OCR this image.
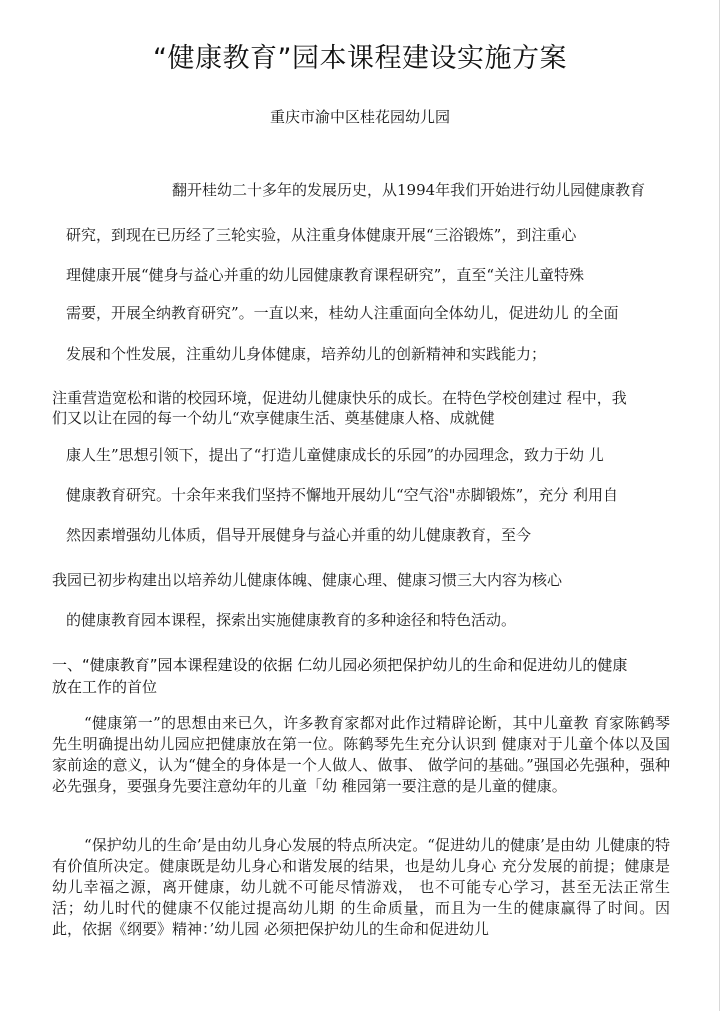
“健康教育”园本课程建设实施方案
重庆市渝中区桂花园幼儿园
翻开桂幼二十多年的发展历史，从1994年我们开始进行幼儿园健康教育
研究，到现在已历经了三轮实验，从注重身体健康开展“三浴锻炼”，到注重心
理健康开展“健身与益心并重的幼儿园健康教育课程研究”，直至“关注儿童特殊
需要，开展全纳教育研究”。一直以来，桂幼人注重面向全体幼儿，促进幼儿 的全面
发展和个性发展，注重幼儿身体健康，培养幼儿的创新精神和实践能力；
注重营造宽松和谐的校园环境，促进幼儿健康快乐的成长。在特色学校创建过 程中，我
们又以让在园的每一个幼儿“欢享健康生活、奠基健康人格、成就健
康人生”思想引领下，提出了“打造儿童健康成长的乐园”的办园理念，致力于幼 儿
健康教育研究。十余年来我们坚持不懈地开展幼儿“空气浴"赤脚锻炼”，充分 利用自
然因素增强幼儿体质，倡导开展健身与益心并重的幼儿健康教育，至今
我园已初步构建出以培养幼儿健康体魄、健康心理、健康习惯三大内容为核心
的健康教育园本课程，探索出实施健康教育的多种途径和特色活动。
一、“健康教育”园本课程建设的依据 仁幼儿园必须把保护幼儿的生命和促进幼儿的健康
放在工作的首位
“健康第一”的思想由来已久，许多教育家都对此作过精辟论断，其中儿童教 育家陈鹤琴先生明确提出幼儿园应把健康放在第一位。陈鹤琴先生充分认识到 健康对于儿童个体以及国家前途的意义，认为“健全的身体是一个人做人、做事、 做学问的基础。”强国必先强种，强种必先强身，要强身先要注意幼年的儿童「幼 稚园第一要注意的是儿童的健康。
“保护幼儿的生命’是由幼儿身心发展的特点所决定。“促进幼儿的健康’是由幼 儿健康的特有价值所决定。健康既是幼儿身心和谐发展的结果，也是幼儿身心 充分发展的前提；健康是幼儿幸福之源，离开健康，幼儿就不可能尽情游戏， 也不可能专心学习，甚至无法正常生活；幼儿时代的健康不仅能过提高幼儿期 的生命质量，而且为一生的健康赢得了时间。因此，依据《纲要》精神：’幼儿园 必须把保护幼儿的生命和促进幼儿
